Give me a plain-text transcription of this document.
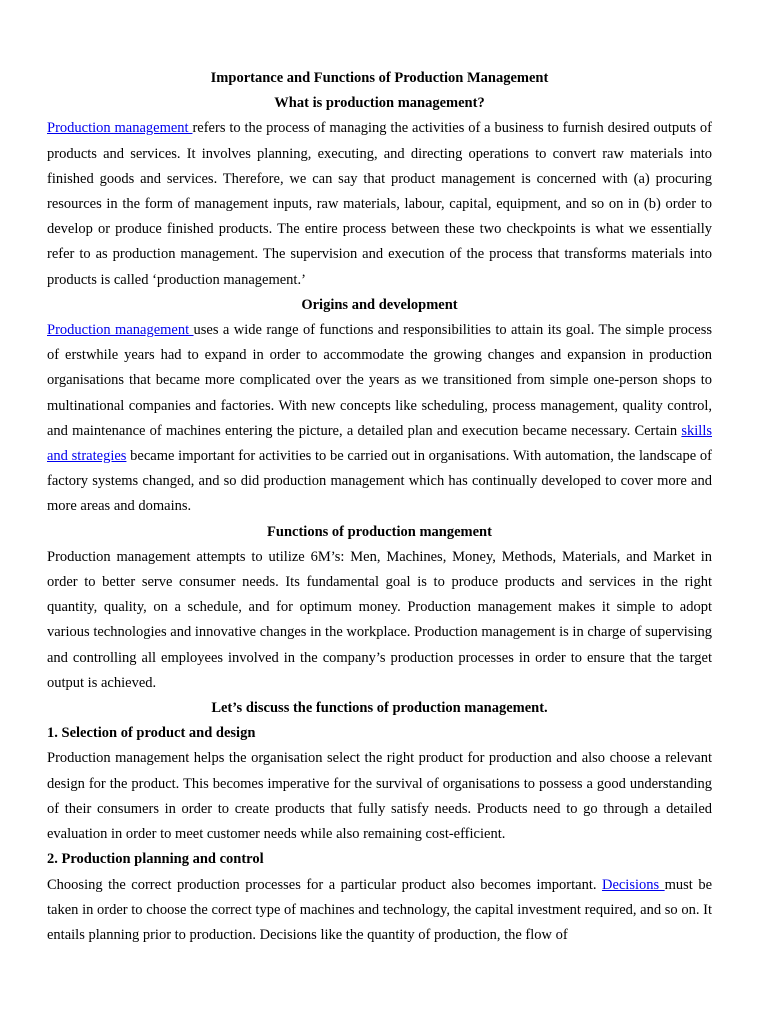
Importance and Functions of Production Management
What is production management?

Production management refers to the process of managing the activities of a business to furnish desired outputs of products and services. It involves planning, executing, and directing operations to convert raw materials into finished goods and services. Therefore, we can say that product management is concerned with (a) procuring resources in the form of management inputs, raw materials, labour, capital, equipment, and so on in (b) order to develop or produce finished products. The entire process between these two checkpoints is what we essentially refer to as production management. The supervision and execution of the process that transforms materials into products is called ‘production management.’

Origins and development

Production management uses a wide range of functions and responsibilities to attain its goal. The simple process of erstwhile years had to expand in order to accommodate the growing changes and expansion in production organisations that became more complicated over the years as we transitioned from simple one-person shops to multinational companies and factories. With new concepts like scheduling, process management, quality control, and maintenance of machines entering the picture, a detailed plan and execution became necessary. Certain skills and strategies became important for activities to be carried out in organisations. With automation, the landscape of factory systems changed, and so did production management which has continually developed to cover more and more areas and domains.

Functions of production mangement

Production management attempts to utilize 6M’s: Men, Machines, Money, Methods, Materials, and Market in order to better serve consumer needs. Its fundamental goal is to produce products and services in the right quantity, quality, on a schedule, and for optimum money. Production management makes it simple to adopt various technologies and innovative changes in the workplace. Production management is in charge of supervising and controlling all employees involved in the company’s production processes in order to ensure that the target output is achieved.

Let’s discuss the functions of production management.
1. Selection of product and design

Production management helps the organisation select the right product for production and also choose a relevant design for the product. This becomes imperative for the survival of organisations to possess a good understanding of their consumers in order to create products that fully satisfy needs. Products need to go through a detailed evaluation in order to meet customer needs while also remaining cost-efficient.

2. Production planning and control

Choosing the correct production processes for a particular product also becomes important. Decisions must be taken in order to choose the correct type of machines and technology, the capital investment required, and so on. It entails planning prior to production. Decisions like the quantity of production, the flow of
